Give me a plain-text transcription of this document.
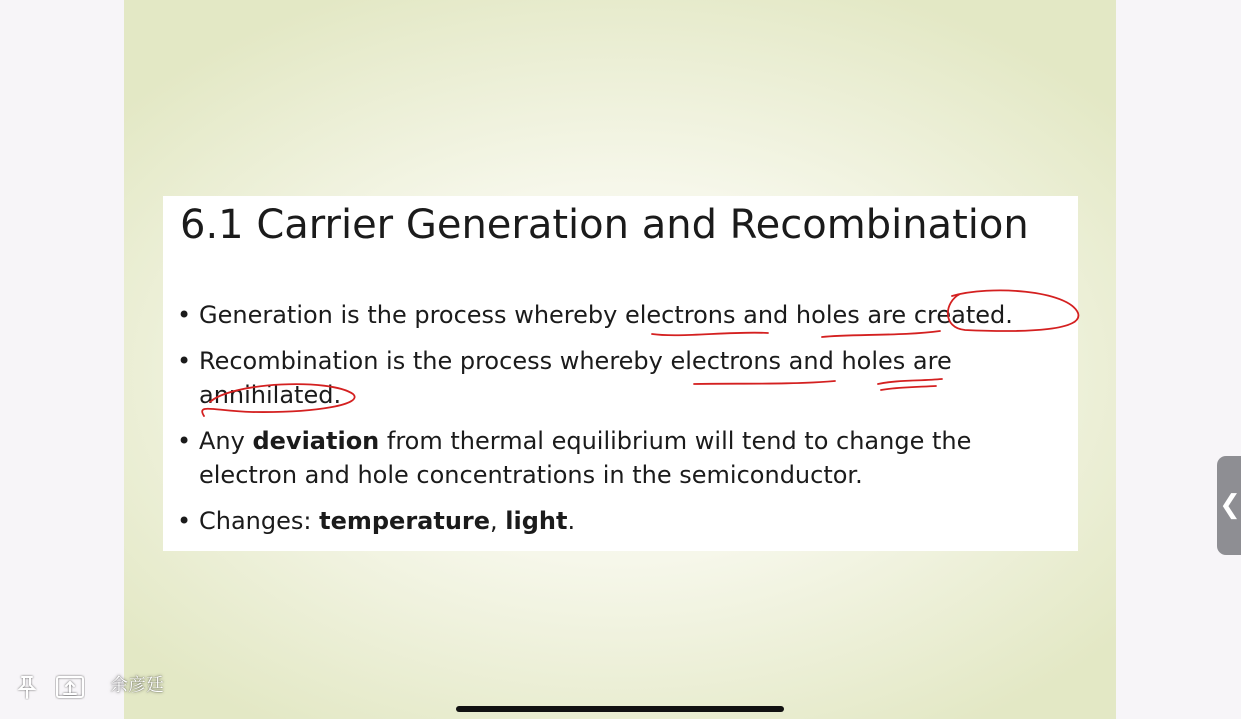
6.1 Carrier Generation and Recombination
• Generation is the process whereby electrons and holes are created.
• Recombination is the process whereby electrons and holes are annihilated.
• Any deviation from thermal equilibrium will tend to change the electron and hole concentrations in the semiconductor.
• Changes: temperature, light.
❮
余彦廷
